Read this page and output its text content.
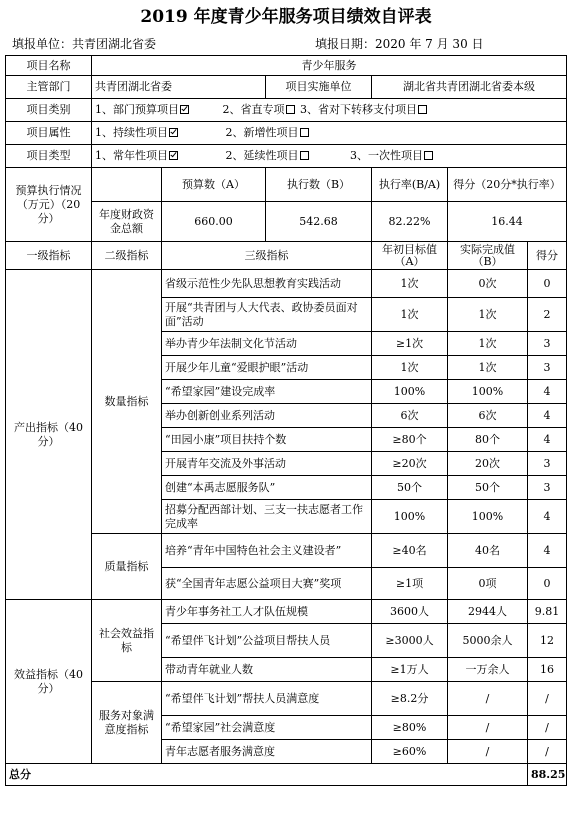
2019 年度青少年服务项目绩效自评表
填报单位：共青团湖北省委	填报日期：2020 年 7 月 30 日
项目名称	青少年服务					
主管部门	共青团湖北省委		项目实施单位	湖北省共青团湖北省委本级		
项目类别	1、部门预算项目 2、省直专项 3、省对下转移支付项目					
项目属性	1、持续性项目 2、新增性项目					
项目类型	1、常年性项目 2、延续性项目 3、一次性项目					
预算执行情况（万元）（20分）		预算数（A）	执行数（B）	执行率(B/A)	得分（20分*执行率）	
	年度财政资金总额	660.00	542.68	82.22%	16.44	
一级指标	二级指标	三级指标		年初目标值（A）	实际完成值（B）	得分
产出指标（40分）	数量指标	省级示范性少先队思想教育实践活动		1次	0次	0
		开展“共青团与人大代表、政协委员面对面”活动		1次	1次	2
		举办青少年法制文化节活动		≥1次	1次	3
		开展少年儿童“爱眼护眼”活动		1次	1次	3
		“希望家园”建设完成率		100%	100%	4
		举办创新创业系列活动		6次	6次	4
		“田园小康”项目扶持个数		≥80个	80个	4
		开展青年交流及外事活动		≥20次	20次	3
		创建“本禹志愿服务队”		50个	50个	3
		招募分配西部计划、三支一扶志愿者工作完成率		100%	100%	4
	质量指标	培养“青年中国特色社会主义建设者”		≥40名	40名	4
		获“全国青年志愿公益项目大赛”奖项		≥1项	0项	0
效益指标（40分）	社会效益指标	青少年事务社工人才队伍规模		3600人	2944人	9.81
		“希望伴飞计划”公益项目帮扶人员		≥3000人	5000余人	12
		带动青年就业人数		≥1万人	一万余人	16
	服务对象满意度指标	“希望伴飞计划”帮扶人员满意度		≥8.2分	/	/
		“希望家园”社会满意度		≥80%	/	/
		青年志愿者服务满意度		≥60%	/	/
总分						88.25
